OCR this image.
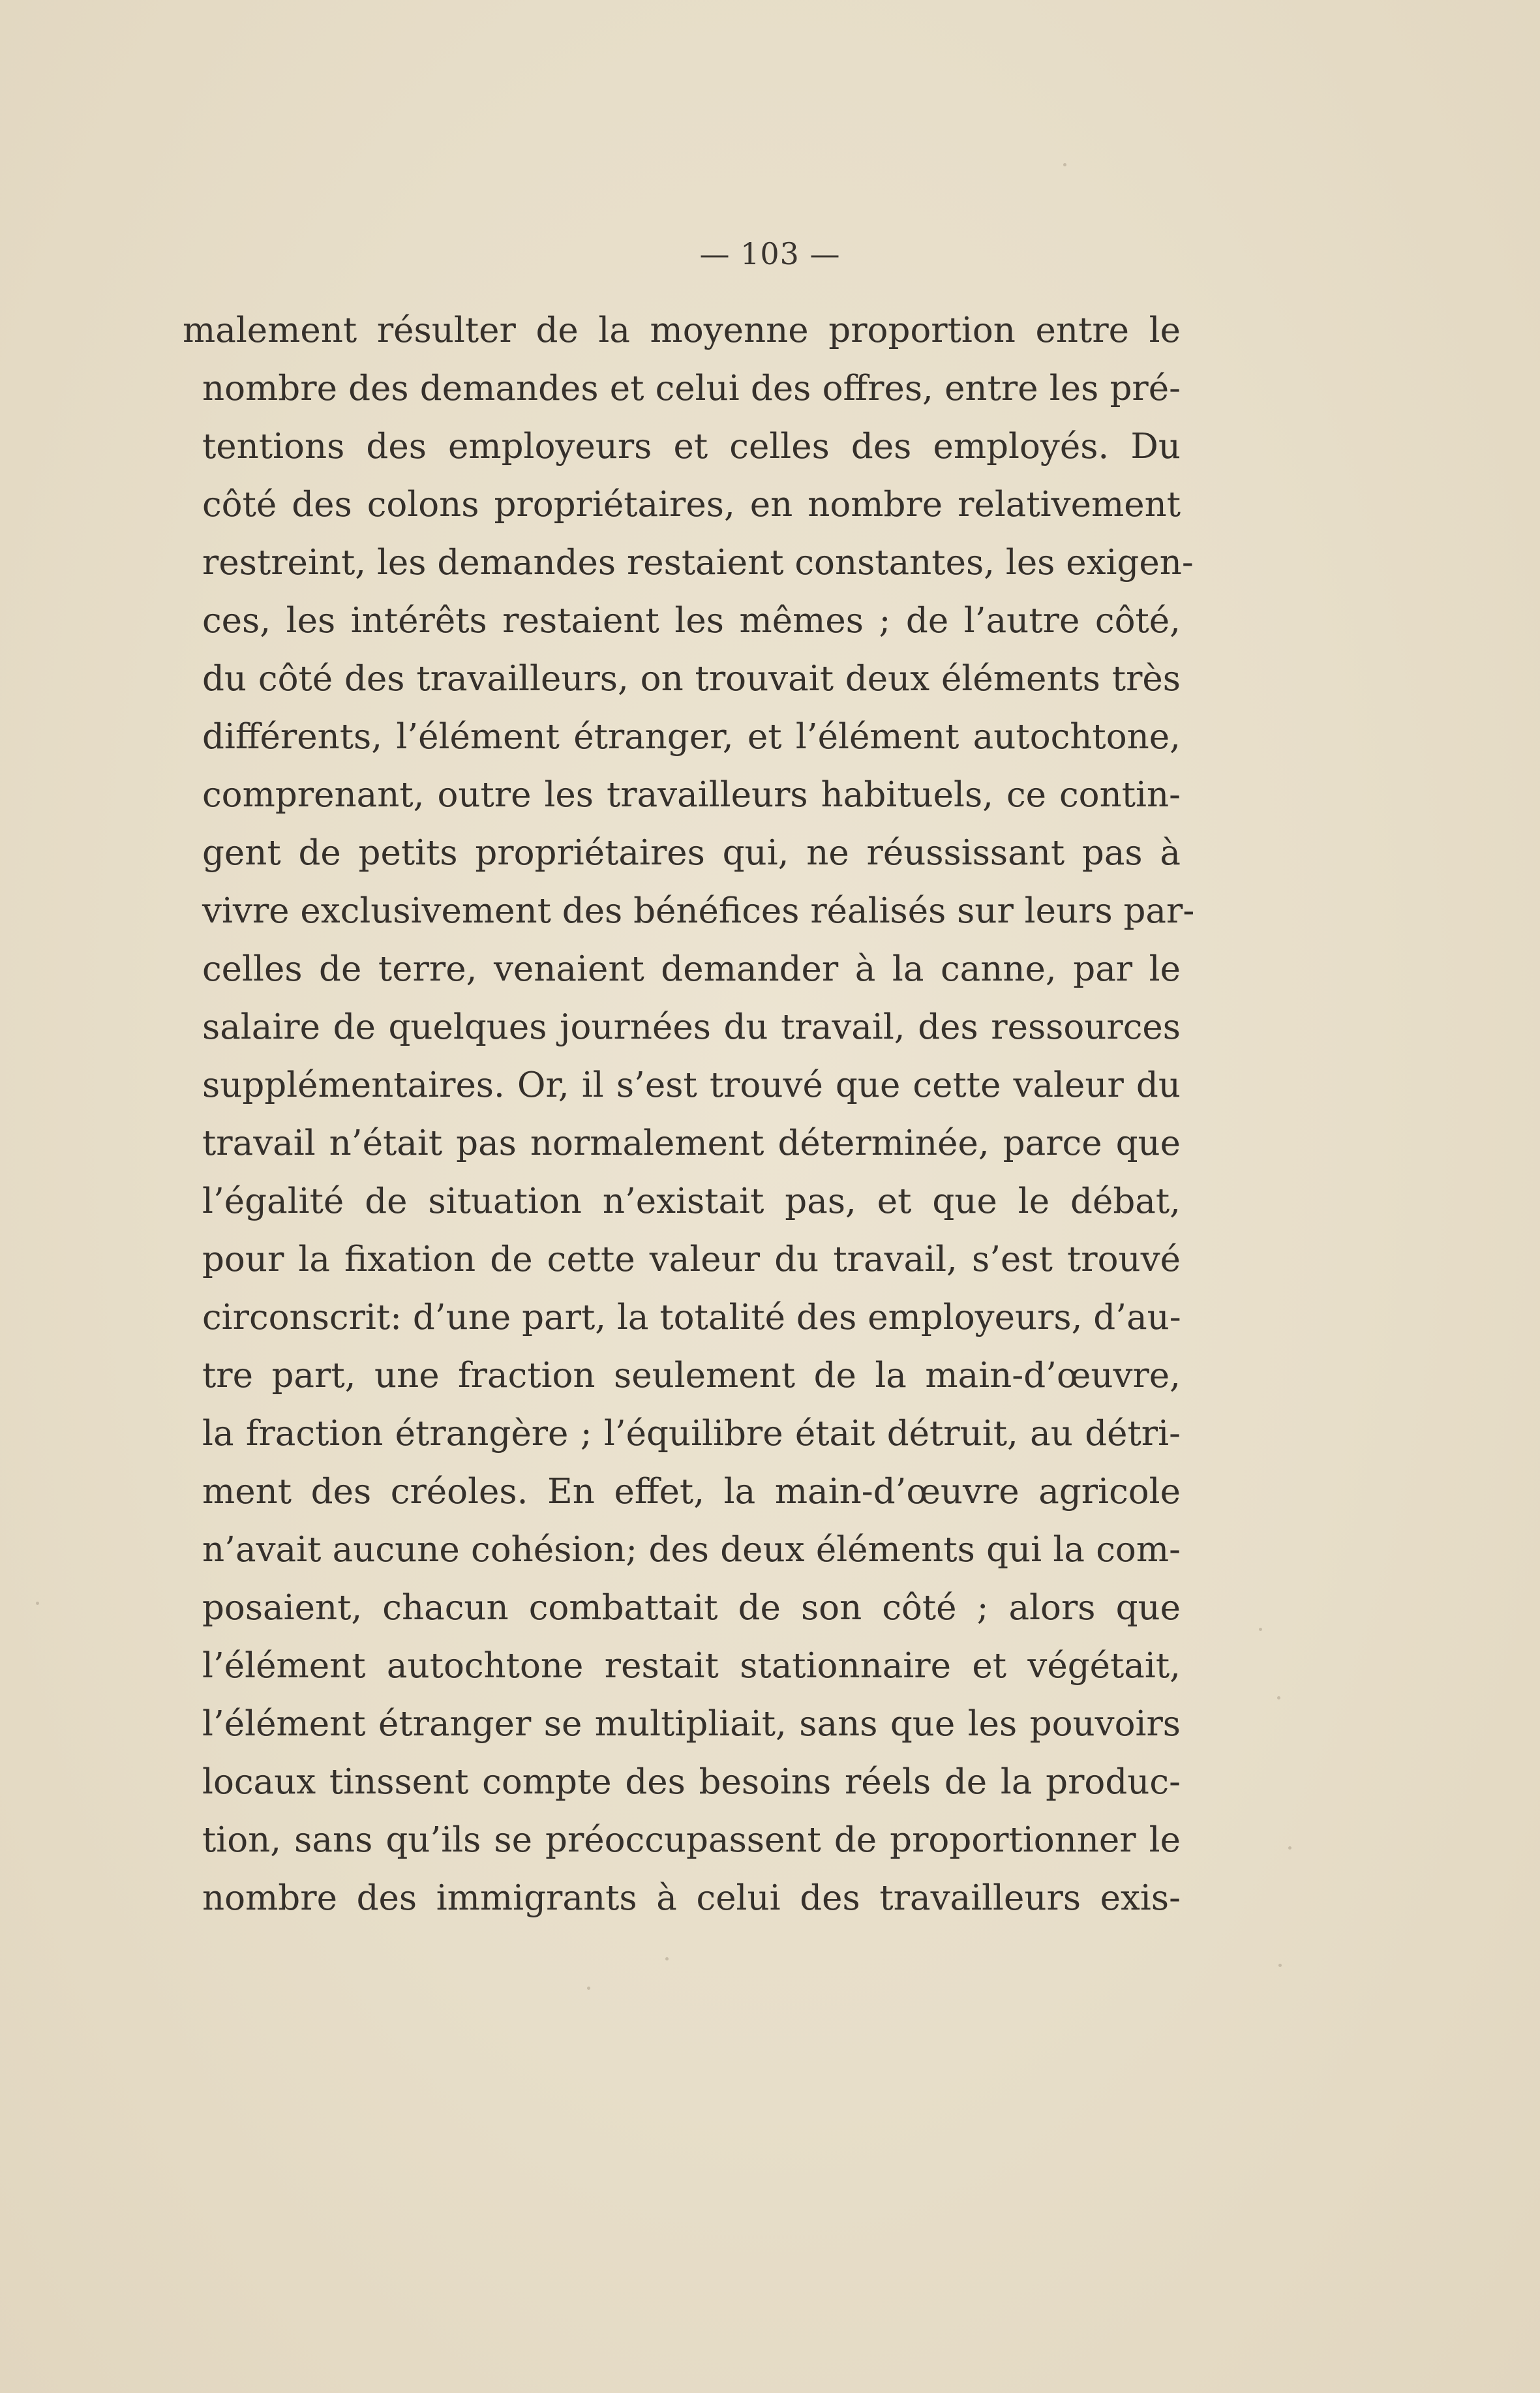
— 103 —
malement résulter de la moyenne proportion entre le
nombre des demandes et celui des offres, entre les pré-
tentions des employeurs et celles des employés. Du
côté des colons propriétaires, en nombre relativement
restreint, les demandes restaient constantes, les exigen-
ces, les intérêts restaient les mêmes ; de l’autre côté,
du côté des travailleurs, on trouvait deux éléments très
différents, l’élément étranger, et l’élément autochtone,
comprenant, outre les travailleurs habituels, ce contin-
gent de petits propriétaires qui, ne réussissant pas à
vivre exclusivement des bénéfices réalisés sur leurs par-
celles de terre, venaient demander à la canne, par le
salaire de quelques journées du travail, des ressources
supplémentaires. Or, il s’est trouvé que cette valeur du
travail n’était pas normalement déterminée, parce que
l’égalité de situation n’existait pas, et que le débat,
pour la fixation de cette valeur du travail, s’est trouvé
circonscrit: d’une part, la totalité des employeurs, d’au-
tre part, une fraction seulement de la main-d’œuvre,
la fraction étrangère ; l’équilibre était détruit, au détri-
ment des créoles. En effet, la main-d’œuvre agricole
n’avait aucune cohésion; des deux éléments qui la com-
posaient, chacun combattait de son côté ; alors que
l’élément autochtone restait stationnaire et végétait,
l’élément étranger se multipliait, sans que les pouvoirs
locaux tinssent compte des besoins réels de la produc-
tion, sans qu’ils se préoccupassent de proportionner le
nombre des immigrants à celui des travailleurs exis-
